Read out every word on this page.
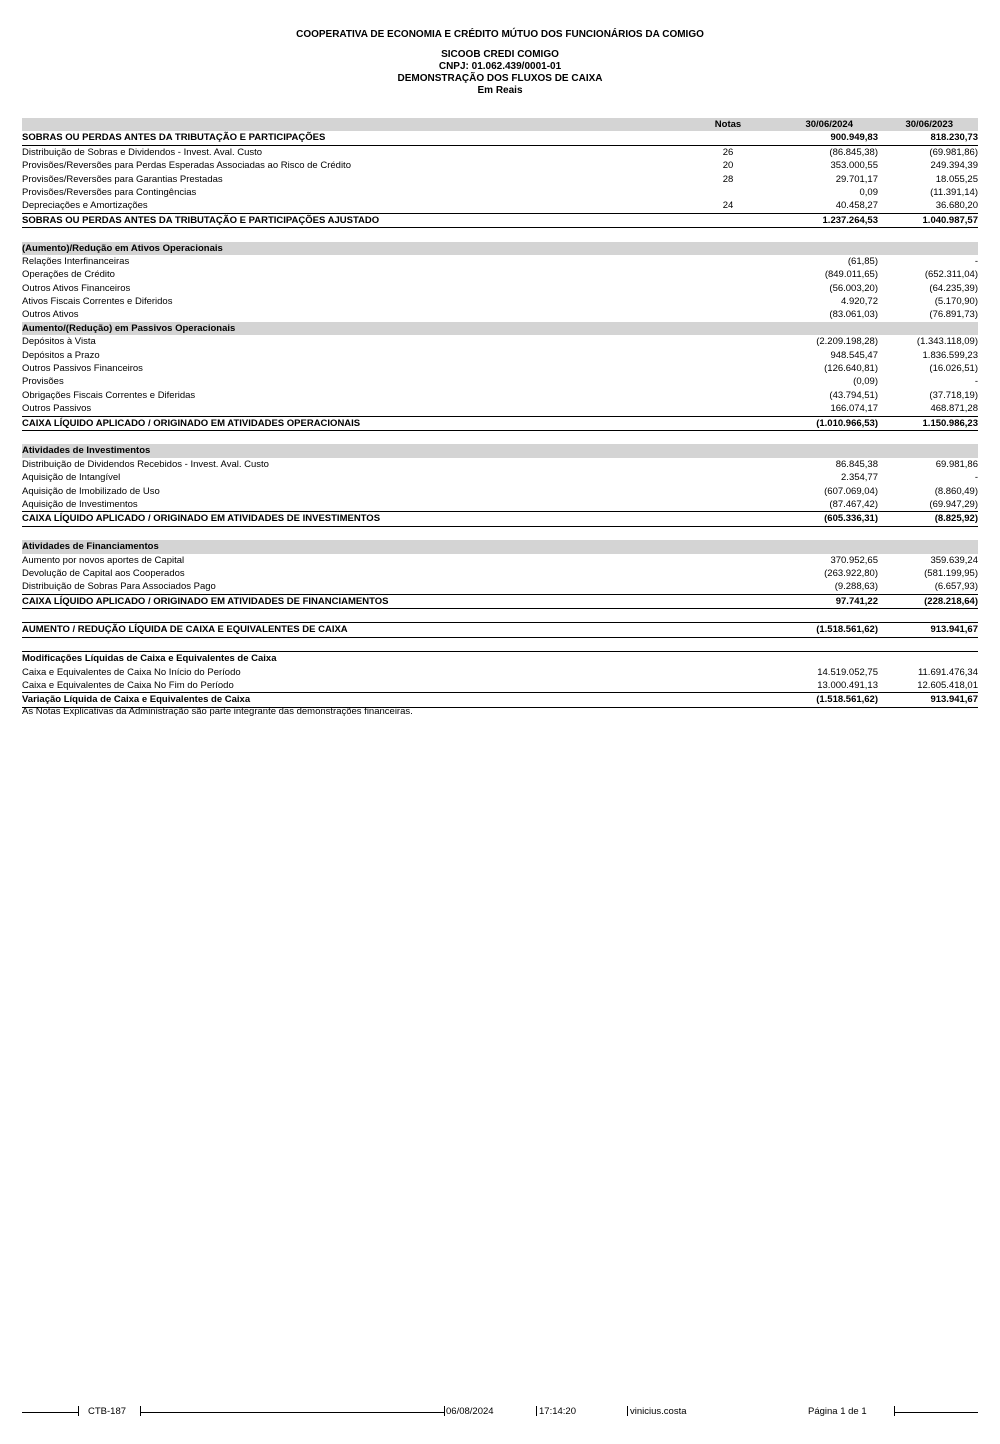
COOPERATIVA DE ECONOMIA E CRÉDITO MÚTUO DOS FUNCIONÁRIOS DA COMIGO
SICOOB CREDI COMIGO
CNPJ: 01.062.439/0001-01
DEMONSTRAÇÃO DOS FLUXOS DE CAIXA
Em Reais
Notas	30/06/2024	30/06/2023
SOBRAS OU PERDAS ANTES DA TRIBUTAÇÃO E PARTICIPAÇÕES	900.949,83	818.230,73
Distribuição de Sobras e Dividendos - Invest. Aval. Custo	26	(86.845,38)	(69.981,86)
Provisões/Reversões para Perdas Esperadas Associadas ao Risco de Crédito	20	353.000,55	249.394,39
Provisões/Reversões para Garantias Prestadas	28	29.701,17	18.055,25
Provisões/Reversões para Contingências	0,09	(11.391,14)
Depreciações e Amortizações	24	40.458,27	36.680,20
SOBRAS OU PERDAS ANTES DA TRIBUTAÇÃO E PARTICIPAÇÕES AJUSTADO	1.237.264,53	1.040.987,57
(Aumento)/Redução em Ativos Operacionais
Relações Interfinanceiras	(61,85)	-
Operações de Crédito	(849.011,65)	(652.311,04)
Outros Ativos Financeiros	(56.003,20)	(64.235,39)
Ativos Fiscais Correntes e Diferidos	4.920,72	(5.170,90)
Outros Ativos	(83.061,03)	(76.891,73)
Aumento/(Redução) em Passivos Operacionais
Depósitos à Vista	(2.209.198,28)	(1.343.118,09)
Depósitos a Prazo	948.545,47	1.836.599,23
Outros Passivos Financeiros	(126.640,81)	(16.026,51)
Provisões	(0,09)	-
Obrigações Fiscais Correntes e Diferidas	(43.794,51)	(37.718,19)
Outros Passivos	166.074,17	468.871,28
CAIXA LÍQUIDO APLICADO / ORIGINADO EM ATIVIDADES OPERACIONAIS	(1.010.966,53)	1.150.986,23
Atividades de Investimentos
Distribuição de Dividendos Recebidos - Invest. Aval. Custo	86.845,38	69.981,86
Aquisição de Intangível	2.354,77	-
Aquisição de Imobilizado de Uso	(607.069,04)	(8.860,49)
Aquisição de Investimentos	(87.467,42)	(69.947,29)
CAIXA LÍQUIDO APLICADO / ORIGINADO EM ATIVIDADES DE INVESTIMENTOS	(605.336,31)	(8.825,92)
Atividades de Financiamentos
Aumento por novos aportes de Capital	370.952,65	359.639,24
Devolução de Capital aos Cooperados	(263.922,80)	(581.199,95)
Distribuição de Sobras Para Associados Pago	(9.288,63)	(6.657,93)
CAIXA LÍQUIDO APLICADO / ORIGINADO EM ATIVIDADES DE FINANCIAMENTOS	97.741,22	(228.218,64)
AUMENTO / REDUÇÃO LÍQUIDA DE CAIXA E EQUIVALENTES DE CAIXA	(1.518.561,62)	913.941,67
Modificações Líquidas de Caixa e Equivalentes de Caixa
Caixa e Equivalentes de Caixa No Início do Período	14.519.052,75	11.691.476,34
Caixa e Equivalentes de Caixa No Fim do Período	13.000.491,13	12.605.418,01
Variação Líquida de Caixa e Equivalentes de Caixa	(1.518.561,62)	913.941,67
As Notas Explicativas da Administração são parte integrante das demonstrações financeiras.
CTB-187	06/08/2024	17:14:20	vinicius.costa	Página 1 de 1
